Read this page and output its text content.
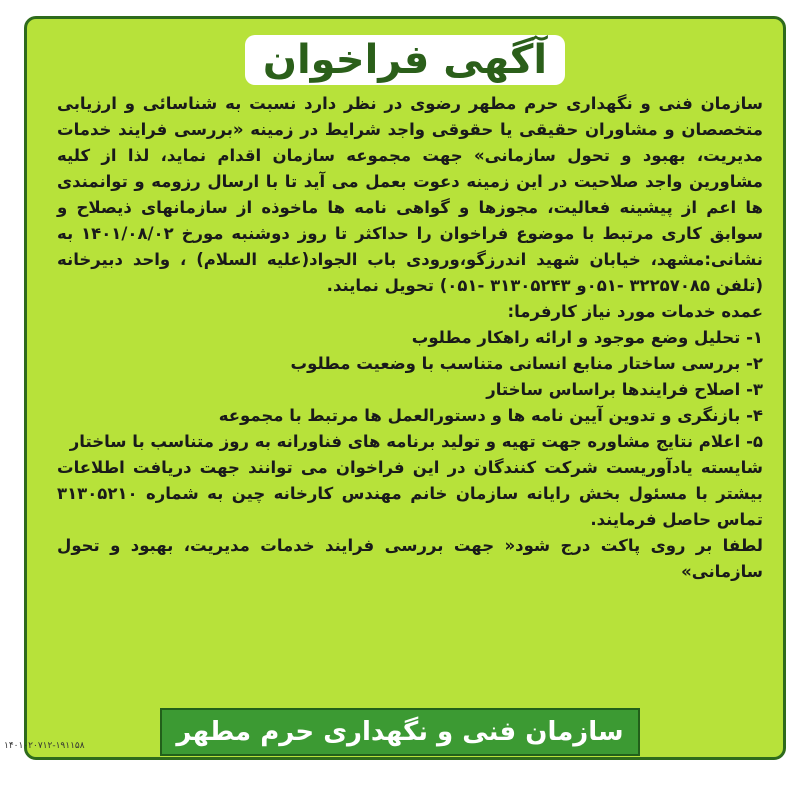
آگهی فراخوان

سازمان فنی و نگهداری حرم مطهر رضوی در نظر دارد نسبت به شناسائی و ارزیابی متخصصان و مشاوران حقیقی یا حقوقی واجد شرایط در زمینه «بررسی فرایند خدمات مدیریت، بهبود و تحول سازمانی» جهت مجموعه سازمان اقدام نماید، لذا از کلیه مشاورین واجد صلاحیت در این زمینه دعوت بعمل می آید تا با ارسال رزومه و توانمندی ها اعم از پیشینه فعالیت، مجوزها و گواهی نامه ها ماخوذه از سازمانهای ذیصلاح و سوابق کاری مرتبط با موضوع فراخوان را حداکثر تا روز دوشنبه مورخ ۱۴۰۱/۰۸/۰۲ به نشانی:مشهد، خیابان شهید اندرزگو،ورودی باب الجواد(علیه السلام) ، واحد دبیرخانه (تلفن ۳۲۲۵۷۰۸۵ -۰۵۱و ۳۱۳۰۵۲۴۳ -۰۵۱) تحویل نمایند.

عمده خدمات مورد نیاز کارفرما:

۱- تحلیل وضع موجود و ارائه راهکار مطلوب

۲- بررسی ساختار منابع انسانی متناسب با وضعیت مطلوب

۳- اصلاح فرایندها براساس ساختار

۴- بازنگری و تدوین آیین نامه ها و دستورالعمل ها مرتبط با مجموعه

۵- اعلام نتایج مشاوره جهت تهیه و تولید برنامه های فناورانه به روز متناسب با ساختار

شایسته یادآوریست شرکت کنندگان در این فراخوان می توانند جهت دریافت اطلاعات بیشتر با مسئول بخش رایانه سازمان خانم مهندس کارخانه چین به شماره ۳۱۳۰۵۲۱۰ تماس حاصل فرمایند.

لطفا بر روی پاکت درج شود« جهت بررسی فرایند خدمات مدیریت، بهبود و تحول سازمانی»

سازمان فنی و نگهداری حرم مطهر رضوی
۱۴۰۱۰۲۰۷۱۲-۱۹۱۱۵۸
